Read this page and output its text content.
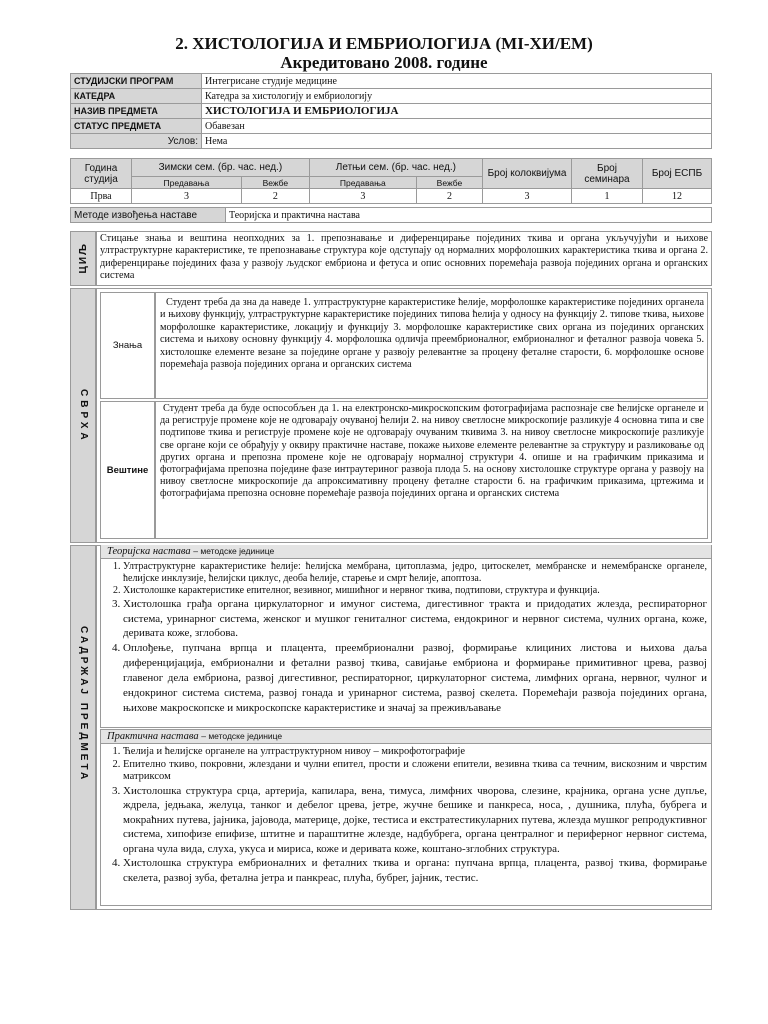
2. ХИСТОЛОГИЈА И ЕМБРИОЛОГИЈА (MI-ХИ/ЕМ)
Акредитовано 2008. године
СТУДИЈСКИ ПРОГРАМ	Интегрисане студије медицине
КАТЕДРА	Катедра за хистологију и ембриологију
НАЗИВ ПРЕДМЕТА	ХИСТОЛОГИЈА И ЕМБРИОЛОГИЈА
СТАТУС ПРЕДМЕТА	Обавезан
Услов:	Нема
Година студија	Зимски сем. (бр. час. нед.)		Летњи сем. (бр. час. нед.)		Број колоквијума	Број семинара	Број ЕСПБ
	Предавања	Вежбе	Предавања	Вежбе			
Прва	3	2	3	2	3	1	12
Методе извођења наставе	Теоријска и практична настава
ЦИЉ
Стицање знања и вештина неопходних за 1. препознавање и диференцирање појединих ткива и органа укључујући и њихове ултраструктурне карактеристике, те препознавање структура које одступају од нормалних морфолошких карактеристика ткива и органа 2. диференцирање појединих фаза у развоју људског ембриона и фетуса и опис основних поремећаја развоја појединих органа и органских система
СВРХА
Знања
Студент треба да зна да наведе 1. ултраструктурне карактеристике ћелије, морфолошке карактеристике појединих органела и њихову функцију, ултраструктурне карактеристике појединих типова ћелија у односу на функцију 2. типове ткива, њихове морфолошке карактеристике, локацију и функцију 3. морфолошке карактеристике свих органа из појединих органских система и њихову основну функцију 4. морфолошка одличја преембрионалног, ембрионалног и феталног развоја човека 5. хистолошке елементе везане за поједине органе у развоју релевантне за процену феталне старости, 6. морфолошке основе поремећаја развоја појединих органа и органских система
Вештине
Студент треба да буде оспособљен да 1. на електронско-микроскопским фотографијама распознаје све ћелијске органеле и да региструје промене које не одговарају очуваној ћелији 2. на нивоу светлосне микроскопије разликује 4 основна типа и све подтипове ткива и региструје промене које не одговарају очуваним ткивима 3. на нивоу светлосне микроскопије разликује све органе који се обрађују у оквиру практичне наставе, покаже њихове елементе релевантне за структуру и разликовање од других органа и препозна промене које не одговарају нормалној структури 4. опише и на графичким приказима и фотографијама препозна поједине фазе интраутериног развоја плода 5. на основу хистолошке структуре органа у развоју на нивоу светлосне микроскопије да апроксимативну процену феталне старости 6. на графичким приказима, цртежима и фотографијама препозна основне поремећаје развоја појединих органа и органских система
САДРЖАЈ ПРЕДМЕТА
Теоријска настава – методске јединице
1. Ултраструктурне карактеристике ћелије: ћелијска мембрана, цитоплазма, једро, цитоскелет, мембранске и немембранске органеле, ћелијске инклузије, ћелијски циклус, деоба ћелије, старење и смрт ћелије, апоптоза.
2. Хистолошке карактеристике епителног, везивног, мишићног и нервног ткива, подтипови, структура и функција.
3. Хистолошка грађа органа циркулаторног и имуног система, дигестивног тракта и придодатих жлезда, респираторног система, уринарног система, женског и мушког гениталног система, ендокриног и нервног система, чулних органа, коже, деривата коже, зглобова.
4. Оплођење, пупчана врпца и плацента, преембрионални развој, формирање клициних листова и њихова даља диференцијација, ембрионални и фетални развој ткива, савијање ембриона и формирање примитивног црева, развој главеног дела ембриона, развој дигестивног, респираторног, циркулаторног система, лимфних органа, нервног, чулног и ендокриног система система, развој гонада и уринарног система, развој скелета. Поремећаји развоја појединих органа, њихове макроскопске и микроскопске карактеристике и значај за преживљавање
Практична настава – методске јединице
1. Ћелија и ћелијске органеле на ултраструктурном нивоу – микрофотографије
2. Епително ткиво, покровни, жлездани и чулни епител, прости и сложени епители, везивна ткива са течним, вискозним и чврстим матриксом
3. Хистолошка структура срца, артерија, капилара, вена, тимуса, лимфних чворова, слезине, крајника, органа усне дупље, ждрела, једњака, желуца, танког и дебелог црева, јетре, жучне бешике и панкреса, носа, , душника, плућа, бубрега и мокраћних путева, јајника, јајовода, материце, дојке, тестиса и екстратестикуларних путева, жлезда мушког репродуктивног система, хипофизе епифизе, штитне и параштитне жлезде, надбубрега, органа централног и периферног нервног система, органа чула вида, слуха, укуса и мириса, коже и деривата коже, коштано-зглобних структура.
4. Хистолошка структура ембрионалних и феталних ткива и органа: пупчана врпца, плацента, развој ткива, формирање скелета, развој зуба, фетална јетра и панкреас, плућа, бубрег, јајник, тестис.
